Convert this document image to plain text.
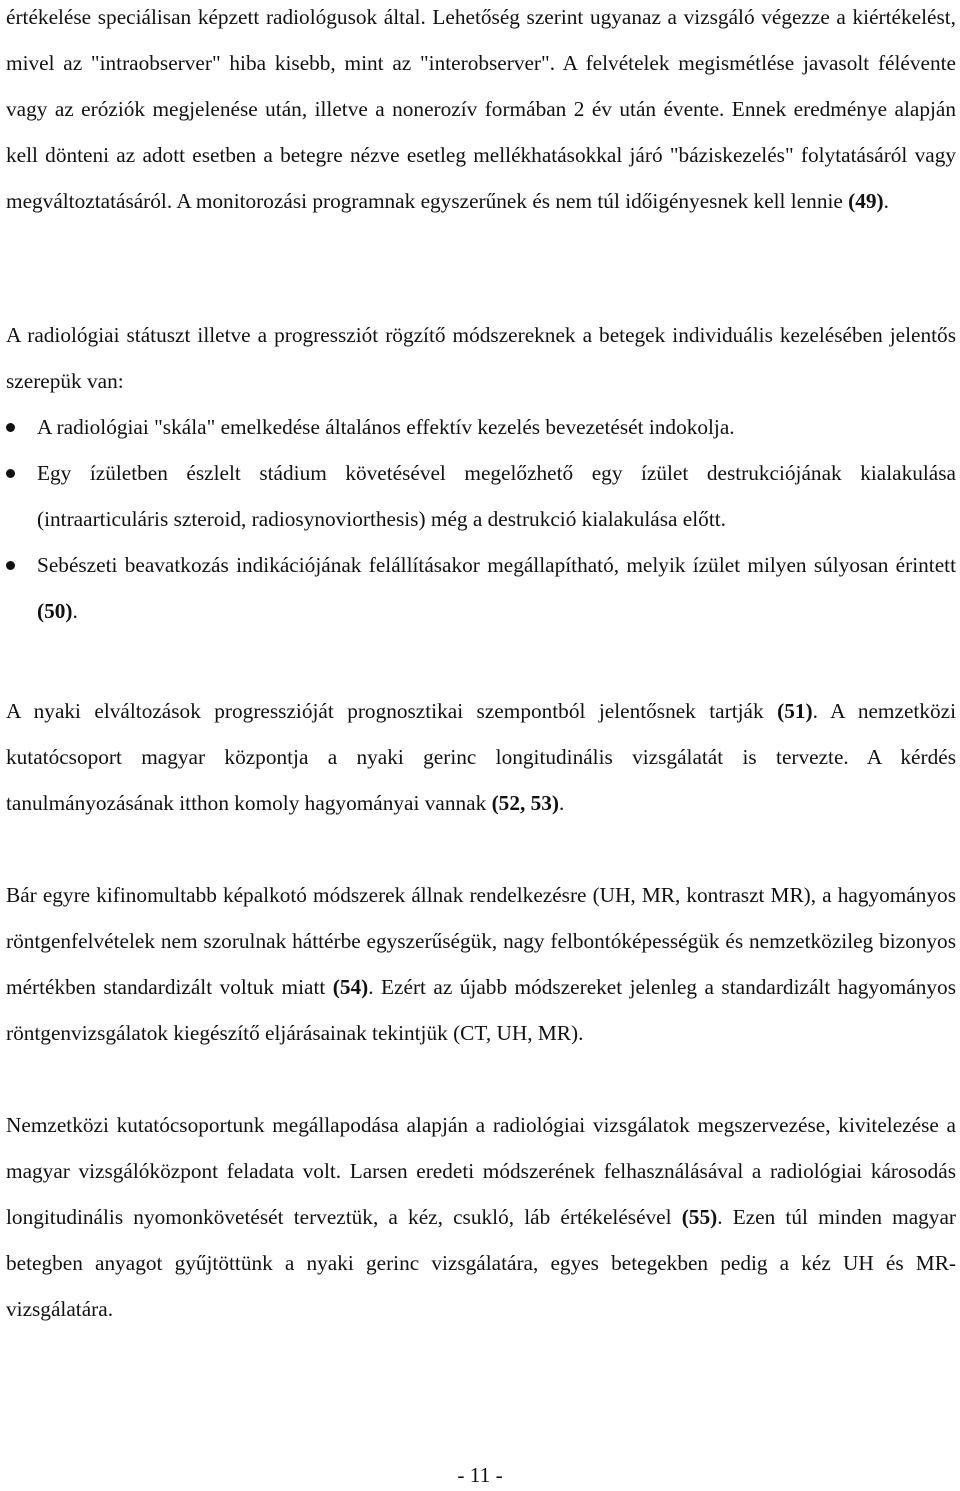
értékelése speciálisan képzett radiológusok által. Lehetőség szerint ugyanaz a vizsgáló végezze a kiértékelést, mivel az "intraobserver" hiba kisebb, mint az "interobserver". A felvételek megismétlése javasolt félévente vagy az eróziók megjelenése után, illetve a nonerozív formában 2 év után évente. Ennek eredménye alapján kell dönteni az adott esetben a betegre nézve esetleg mellékhatásokkal járó "báziskezelés" folytatásáról vagy megváltoztatásáról. A monitorozási programnak egyszerűnek és nem túl időigényesnek kell lennie (49).

A radiológiai státuszt illetve a progressziót rögzítő módszereknek a betegek individuális kezelésében jelentős szerepük van:

A radiológiai "skála" emelkedése általános effektív kezelés bevezetését indokolja.
Egy ízületben észlelt stádium követésével megelőzhető egy ízület destrukciójának kialakulása (intraarticuláris szteroid, radiosynoviorthesis) még a destrukció kialakulása előtt.
Sebészeti beavatkozás indikációjának felállításakor megállapítható, melyik ízület milyen súlyosan érintett (50).

A nyaki elváltozások progresszióját prognosztikai szempontból jelentősnek tartják (51). A nemzetközi kutatócsoport magyar központja a nyaki gerinc longitudinális vizsgálatát is tervezte. A kérdés tanulmányozásának itthon komoly hagyományai vannak (52, 53).

Bár egyre kifinomultabb képalkotó módszerek állnak rendelkezésre (UH, MR, kontraszt MR), a hagyományos röntgenfelvételek nem szorulnak háttérbe egyszerűségük, nagy felbontóképességük és nemzetközileg bizonyos mértékben standardizált voltuk miatt (54). Ezért az újabb módszereket jelenleg a standardizált hagyományos röntgenvizsgálatok kiegészítő eljárásainak tekintjük (CT, UH, MR).

Nemzetközi kutatócsoportunk megállapodása alapján a radiológiai vizsgálatok megszervezése, kivitelezése a magyar vizsgálóközpont feladata volt. Larsen eredeti módszerének felhasználásával a radiológiai károsodás longitudinális nyomonkövetését terveztük, a kéz, csukló, láb értékelésével (55). Ezen túl minden magyar betegben anyagot gyűjtöttünk a nyaki gerinc vizsgálatára, egyes betegekben pedig a kéz UH és MR-vizsgálatára.

- 11 -
